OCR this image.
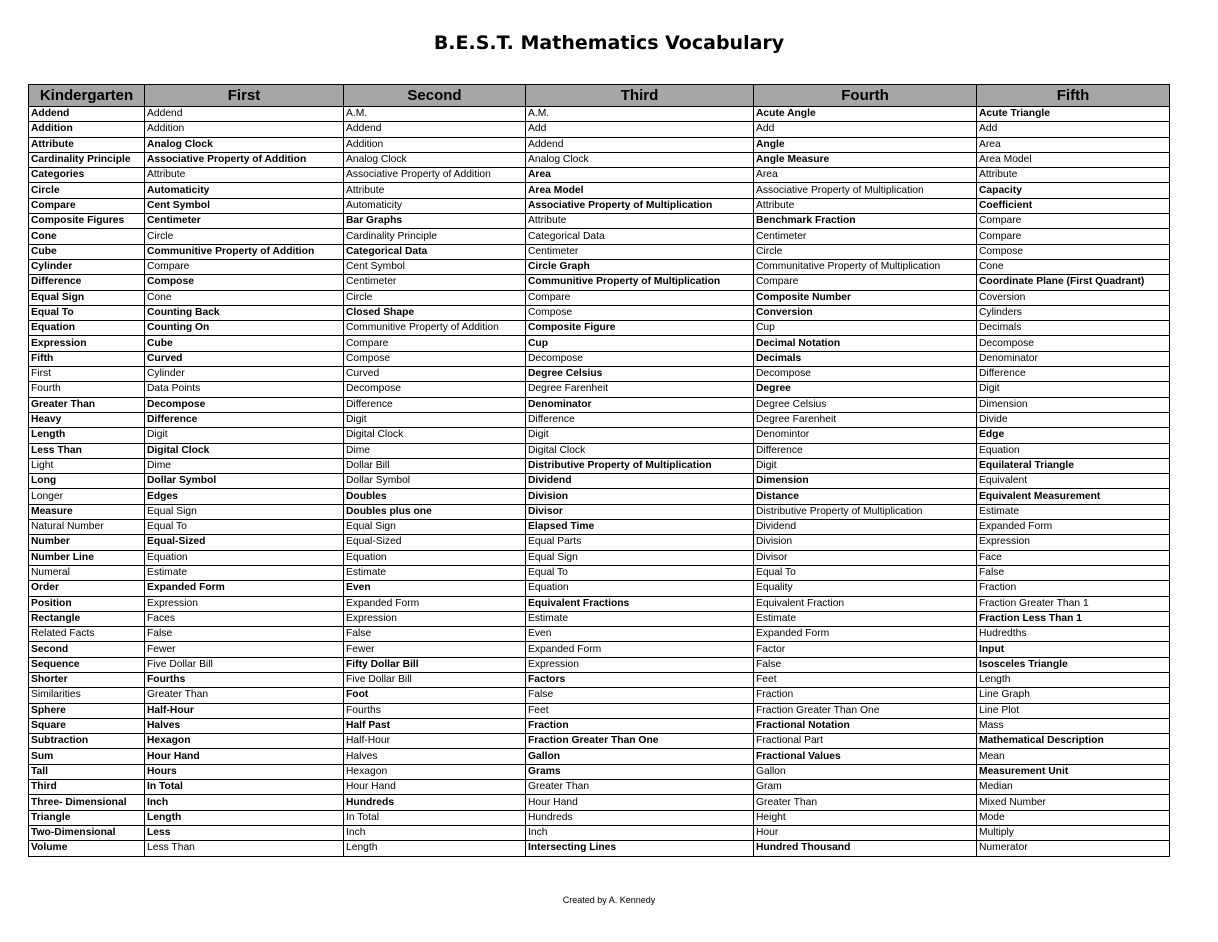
B.E.S.T. Mathematics Vocabulary
Kindergarten	First	Second	Third	Fourth	Fifth
Addend	Addend	A.M.	A.M.	Acute Angle	Acute Triangle
Addition	Addition	Addend	Add	Add	Add
Attribute	Analog Clock	Addition	Addend	Angle	Area
Cardinality Principle	Associative Property of Addition	Analog Clock	Analog Clock	Angle Measure	Area Model
Categories	Attribute	Associative Property of Addition	Area	Area	Attribute
Circle	Automaticity	Attribute	Area Model	Associative Property of Multiplication	Capacity
Compare	Cent Symbol	Automaticity	Associative Property of Multiplication	Attribute	Coefficient
Composite Figures	Centimeter	Bar Graphs	Attribute	Benchmark Fraction	Compare
Cone	Circle	Cardinality Principle	Categorical Data	Centimeter	Compare
Cube	Communitive Property of Addition	Categorical Data	Centimeter	Circle	Compose
Cylinder	Compare	Cent Symbol	Circle Graph	Communitative Property of Multiplication	Cone
Difference	Compose	Centimeter	Communitive Property of Multiplication	Compare	Coordinate Plane (First Quadrant)
Equal Sign	Cone	Circle	Compare	Composite Number	Coversion
Equal To	Counting Back	Closed Shape	Compose	Conversion	Cylinders
Equation	Counting On	Communitive Property of Addition	Composite Figure	Cup	Decimals
Expression	Cube	Compare	Cup	Decimal Notation	Decompose
Fifth	Curved	Compose	Decompose	Decimals	Denominator
First	Cylinder	Curved	Degree Celsius	Decompose	Difference
Fourth	Data Points	Decompose	Degree Farenheit	Degree	Digit
Greater Than	Decompose	Difference	Denominator	Degree Celsius	Dimension
Heavy	Difference	Digit	Difference	Degree Farenheit	Divide
Length	Digit	Digital Clock	Digit	Denomintor	Edge
Less Than	Digital Clock	Dime	Digital Clock	Difference	Equation
Light	Dime	Dollar Bill	Distributive Property of Multiplication	Digit	Equilateral Triangle
Long	Dollar Symbol	Dollar Symbol	Dividend	Dimension	Equivalent
Longer	Edges	Doubles	Division	Distance	Equivalent Measurement
Measure	Equal Sign	Doubles plus one	Divisor	Distributive Property of Multiplication	Estimate
Natural Number	Equal To	Equal Sign	Elapsed Time	Dividend	Expanded Form
Number	Equal-Sized	Equal-Sized	Equal Parts	Division	Expression
Number Line	Equation	Equation	Equal Sign	Divisor	Face
Numeral	Estimate	Estimate	Equal To	Equal To	False
Order	Expanded Form	Even	Equation	Equality	Fraction
Position	Expression	Expanded Form	Equivalent Fractions	Equivalent Fraction	Fraction Greater Than 1
Rectangle	Faces	Expression	Estimate	Estimate	Fraction Less Than 1
Related Facts	False	False	Even	Expanded Form	Hudredths
Second	Fewer	Fewer	Expanded Form	Factor	Input
Sequence	Five Dollar Bill	Fifty Dollar Bill	Expression	False	Isosceles Triangle
Shorter	Fourths	Five Dollar Bill	Factors	Feet	Length
Similarities	Greater Than	Foot	False	Fraction	Line Graph
Sphere	Half-Hour	Fourths	Feet	Fraction Greater Than One	Line Plot
Square	Halves	Half Past	Fraction	Fractional Notation	Mass
Subtraction	Hexagon	Half-Hour	Fraction Greater Than One	Fractional Part	Mathematical Description
Sum	Hour Hand	Halves	Gallon	Fractional Values	Mean
Tall	Hours	Hexagon	Grams	Gallon	Measurement Unit
Third	In Total	Hour Hand	Greater Than	Gram	Median
Three- Dimensional	Inch	Hundreds	Hour Hand	Greater Than	Mixed Number
Triangle	Length	In Total	Hundreds	Height	Mode
Two-Dimensional	Less	Inch	Inch	Hour	Multiply
Volume	Less Than	Length	Intersecting Lines	Hundred Thousand	Numerator
Created by A. Kennedy
